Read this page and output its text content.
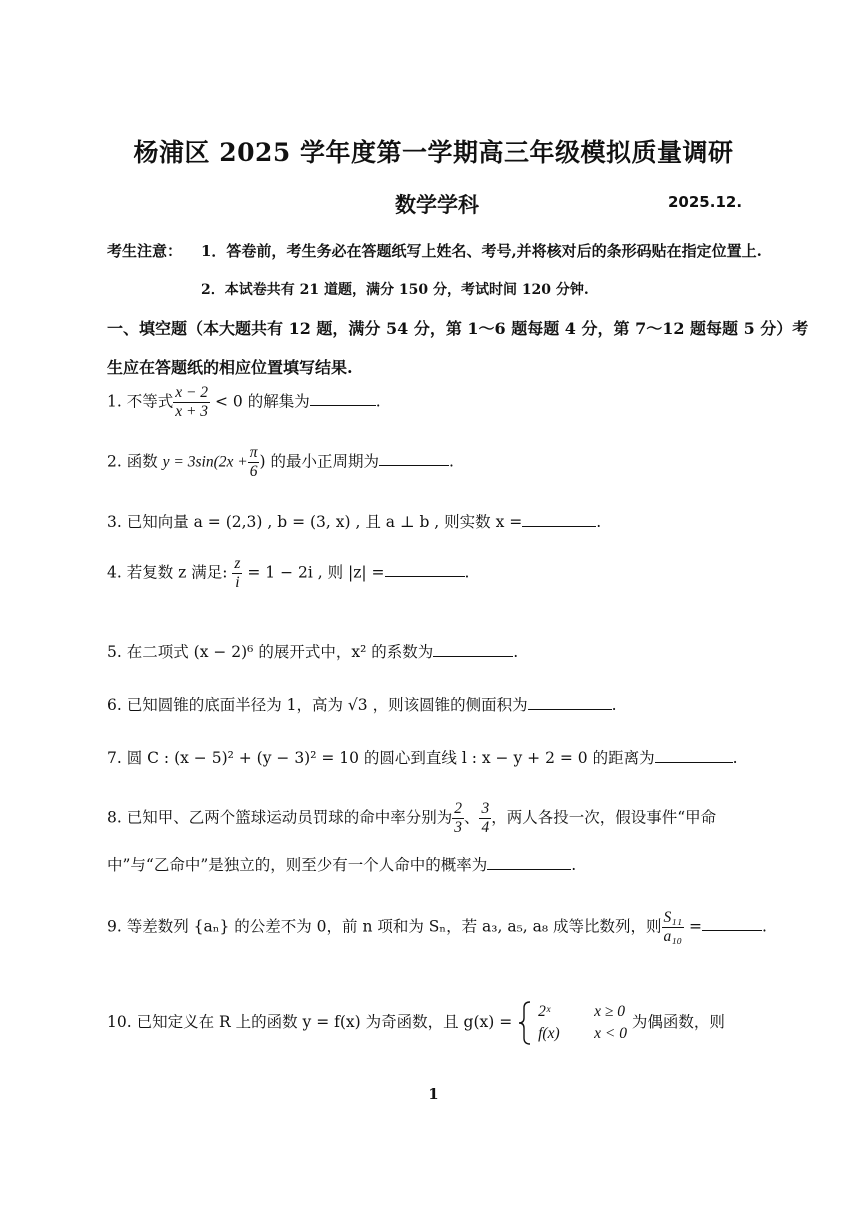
杨浦区 2025 学年度第一学期高三年级模拟质量调研
数学学科	2025.12.
考生注意： 1．答卷前，考生务必在答题纸写上姓名、考号,并将核对后的条形码贴在指定位置上.
2．本试卷共有 21 道题，满分 150 分，考试时间 120 分钟.
一、填空题（本大题共有 12 题，满分 54 分，第 1～6 题每题 4 分，第 7～12 题每题 5 分）考
生应在答题纸的相应位置填写结果.
1. 不等式 $\frac{x - 2}{x + 3} < 0$ 的解集为	.
2. 函数 $y = 3\sin(2x + \frac{\pi}{6}$ ) 的最小正周期为	.
3. 已知向量 a = (2,3) , b = (3, x) , 且 a ⊥ b , 则实数 x =	.
4. 若复数 z 满足: $\frac{z}{i} = 1 - 2i$ , 则 |z| =	.
5. 在二项式 (x − 2)⁶ 的展开式中，x² 的系数为	.
6. 已知圆锥的底面半径为 1，高为 √3 ，则该圆锥的侧面积为	.
7. 圆 C : (x − 5)² + (y − 3)² = 10 的圆心到直线 l : x − y + 2 = 0 的距离为	.
8. 已知甲、乙两个篮球运动员罚球的命中率分别为 $\frac{2}{3}$ 、 $\frac{3}{4}$ ，两人各投一次，假设事件“甲命
中”与“乙命中”是独立的，则至少有一个人命中的概率为	.
9. 等差数列 {aₙ} 的公差不为 0，前 n 项和为 Sₙ，若 a₃, a₅, a₈ 成等比数列，则 $\frac{\text{S₁₁}}{\text{a₁₀}}$ =	.
10. 已知定义在 R 上的函数 y = f(x) 为奇函数，且 g(x) =
2ˣ	x ≥ 0
f(x) x < 0
为偶函数，则
1
